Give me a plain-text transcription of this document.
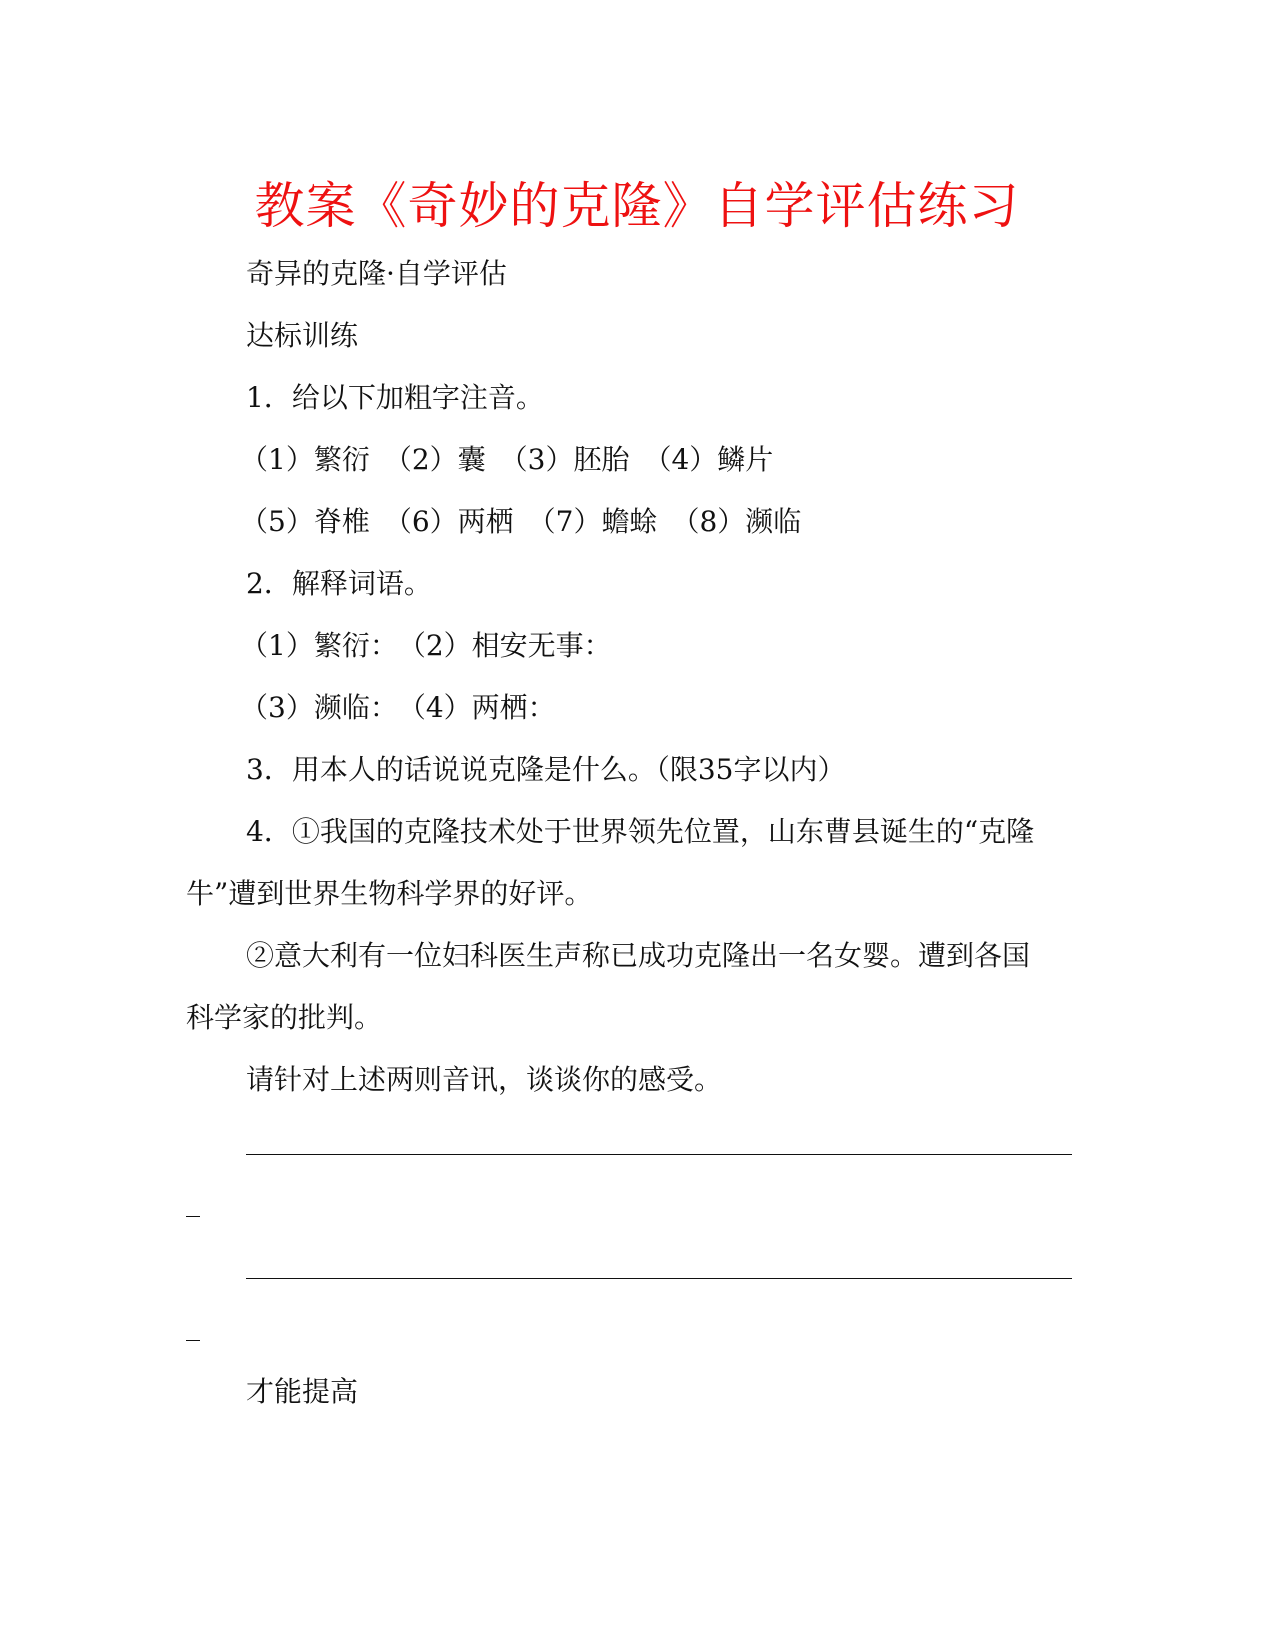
教案《奇妙的克隆》自学评估练习
奇异的克隆·自学评估
达标训练
1．给以下加粗字注音。
（1）繁衍　（2）囊　（3）胚胎　（4）鳞片
（5）脊椎　（6）两栖　（7）蟾蜍　（8）濒临
2．解释词语。
（1）繁衍：　（2）相安无事：
（3）濒临：　（4）两栖：
3．用本人的话说说克隆是什么。（限35字以内）
4．①我国的克隆技术处于世界领先位置，山东曹县诞生的“克隆
牛”遭到世界生物科学界的好评。
②意大利有一位妇科医生声称已成功克隆出一名女婴。遭到各国
科学家的批判。
请针对上述两则音讯，谈谈你的感受。
才能提高
